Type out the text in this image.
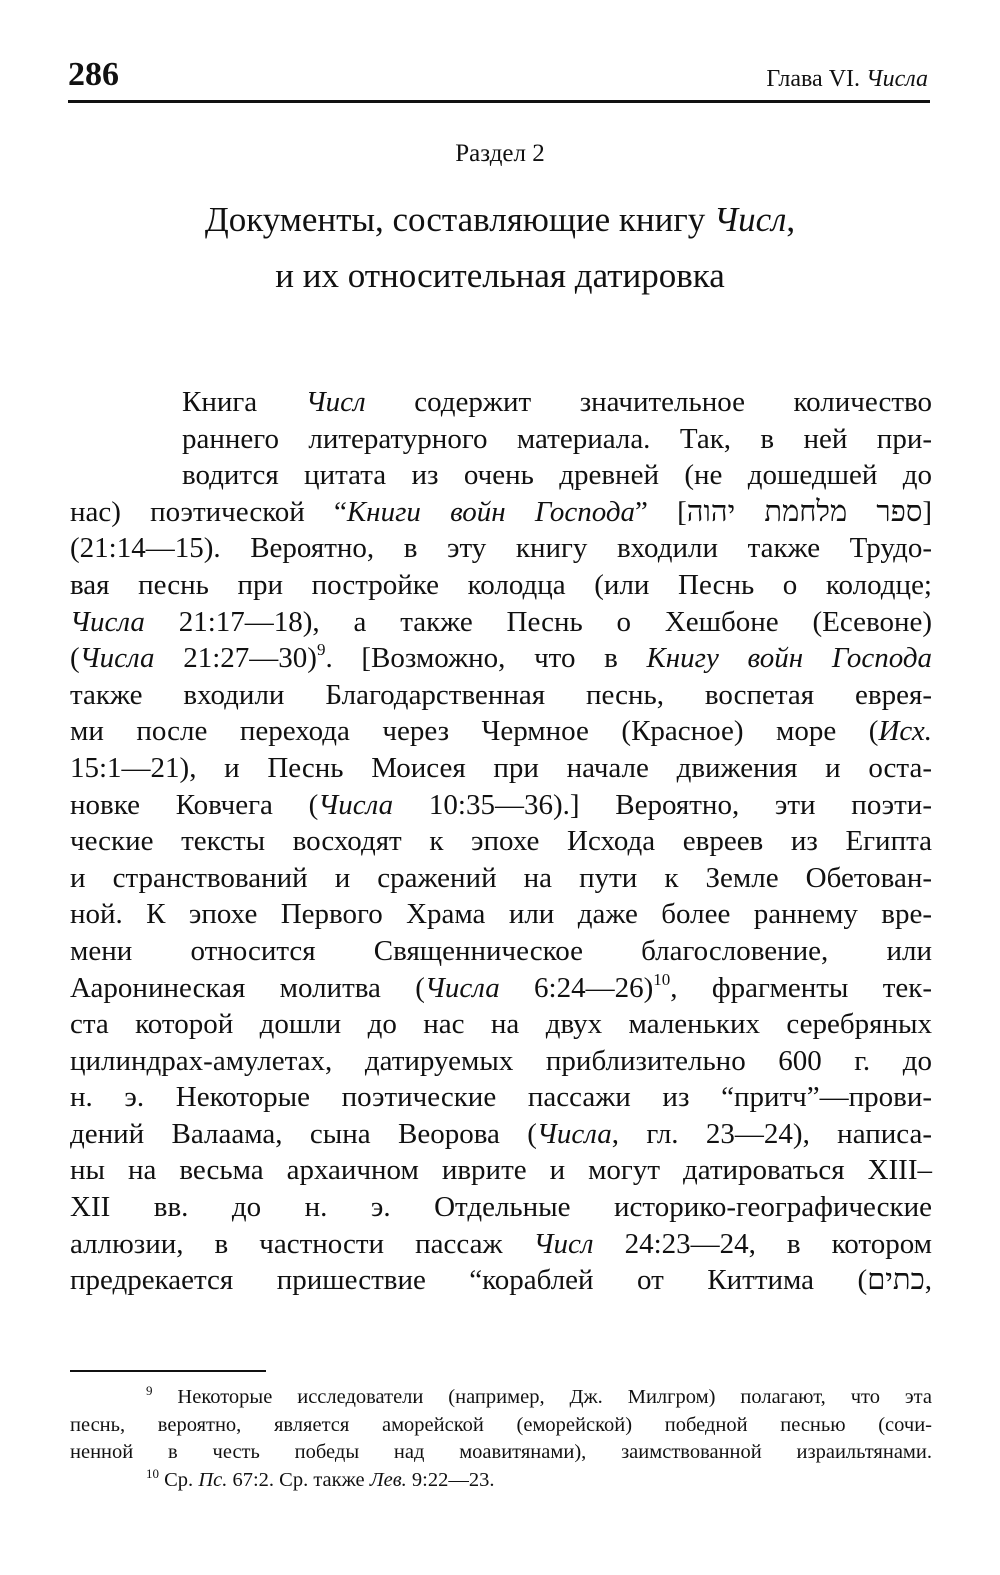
286	Глава VI. Числа
Раздел 2
Документы, составляющие книгу Числ,
и их относительная датировка
Книга Числ содержит значительное количество
раннего литературного материала. Так, в ней при-
водится цитата из очень древней (не дошедшей до
нас) поэтической “Книги войн Господа” [ספר מלחמת יהוה]
(21:14—15). Вероятно, в эту книгу входили также Трудо-
вая песнь при постройке колодца (или Песнь о колодце;
Числа 21:17—18), а также Песнь о Хешбоне (Есевоне)
(Числа 21:27—30)$^9$. [Возможно, что в Книгу войн Господа
также входили Благодарственная песнь, воспетая еврея-
ми после перехода через Чермное (Красное) море (Исх.
15:1—21), и Песнь Моисея при начале движения и оста-
новке Ковчега (Числа 10:35—36).] Вероятно, эти поэти-
ческие тексты восходят к эпохе Исхода евреев из Египта
и странствований и сражений на пути к Земле Обетован-
ной. К эпохе Первого Храма или даже более раннему вре-
мени относится Священническое благословение, или
Ааронинеская молитва (Числа 6:24—26)$^{10}$, фрагменты тек-
ста которой дошли до нас на двух маленьких серебряных
цилиндрах-амулетах, датируемых приблизительно 600 г. до
н. э. Некоторые поэтические пассажи из “притч”—прови-
дений Валаама, сына Веорова (Числа, гл. 23—24), написа-
ны на весьма архаичном иврите и могут датироваться XIII–
XII вв. до н. э. Отдельные историко-географические
аллюзии, в частности пассаж Числ 24:23—24, в котором
предрекается пришествие “кораблей от Киттима (כתים,
$^9$ Некоторые исследователи (например, Дж. Милгром) полагают, что эта
песнь, вероятно, является аморейской (еморейской) победной песнью (сочи-
ненной в честь победы над моавитянами), заимствованной израильтянами.
$^{10}$ Ср. Пс. 67:2. Ср. также Лев. 9:22—23.
